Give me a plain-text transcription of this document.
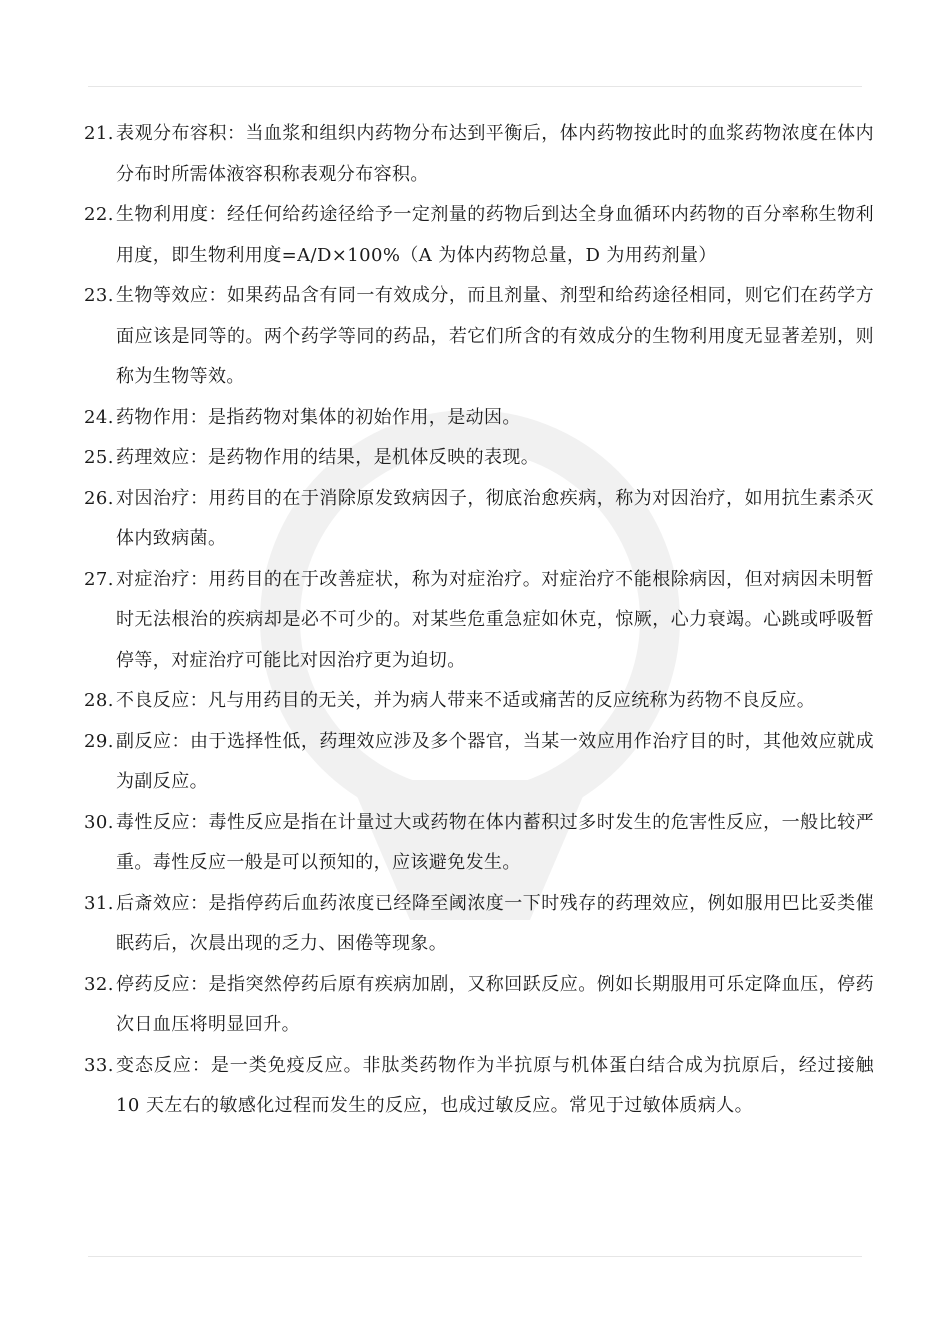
21. 表观分布容积：当血浆和组织内药物分布达到平衡后，体内药物按此时的血浆药物浓度在体内分布时所需体液容积称表观分布容积。
22. 生物利用度：经任何给药途径给予一定剂量的药物后到达全身血循环内药物的百分率称生物利用度，即生物利用度=A/D×100%（A 为体内药物总量，D 为用药剂量）
23. 生物等效应：如果药品含有同一有效成分，而且剂量、剂型和给药途径相同，则它们在药学方面应该是同等的。两个药学等同的药品，若它们所含的有效成分的生物利用度无显著差别，则称为生物等效。
24. 药物作用：是指药物对集体的初始作用，是动因。
25. 药理效应：是药物作用的结果，是机体反映的表现。
26. 对因治疗：用药目的在于消除原发致病因子，彻底治愈疾病，称为对因治疗，如用抗生素杀灭体内致病菌。
27. 对症治疗：用药目的在于改善症状，称为对症治疗。对症治疗不能根除病因，但对病因未明暂时无法根治的疾病却是必不可少的。对某些危重急症如休克，惊厥，心力衰竭。心跳或呼吸暂停等，对症治疗可能比对因治疗更为迫切。
28. 不良反应：凡与用药目的无关，并为病人带来不适或痛苦的反应统称为药物不良反应。
29. 副反应：由于选择性低，药理效应涉及多个器官，当某一效应用作治疗目的时，其他效应就成为副反应。
30. 毒性反应：毒性反应是指在计量过大或药物在体内蓄积过多时发生的危害性反应，一般比较严重。毒性反应一般是可以预知的，应该避免发生。
31. 后斎效应：是指停药后血药浓度已经降至阈浓度一下时残存的药理效应，例如服用巴比妥类催眠药后，次晨出现的乏力、困倦等现象。
32. 停药反应：是指突然停药后原有疾病加剧，又称回跃反应。例如长期服用可乐定降血压，停药次日血压将明显回升。
33. 变态反应：是一类免疫反应。非肽类药物作为半抗原与机体蛋白结合成为抗原后，经过接触 10 天左右的敏感化过程而发生的反应，也成过敏反应。常见于过敏体质病人。
